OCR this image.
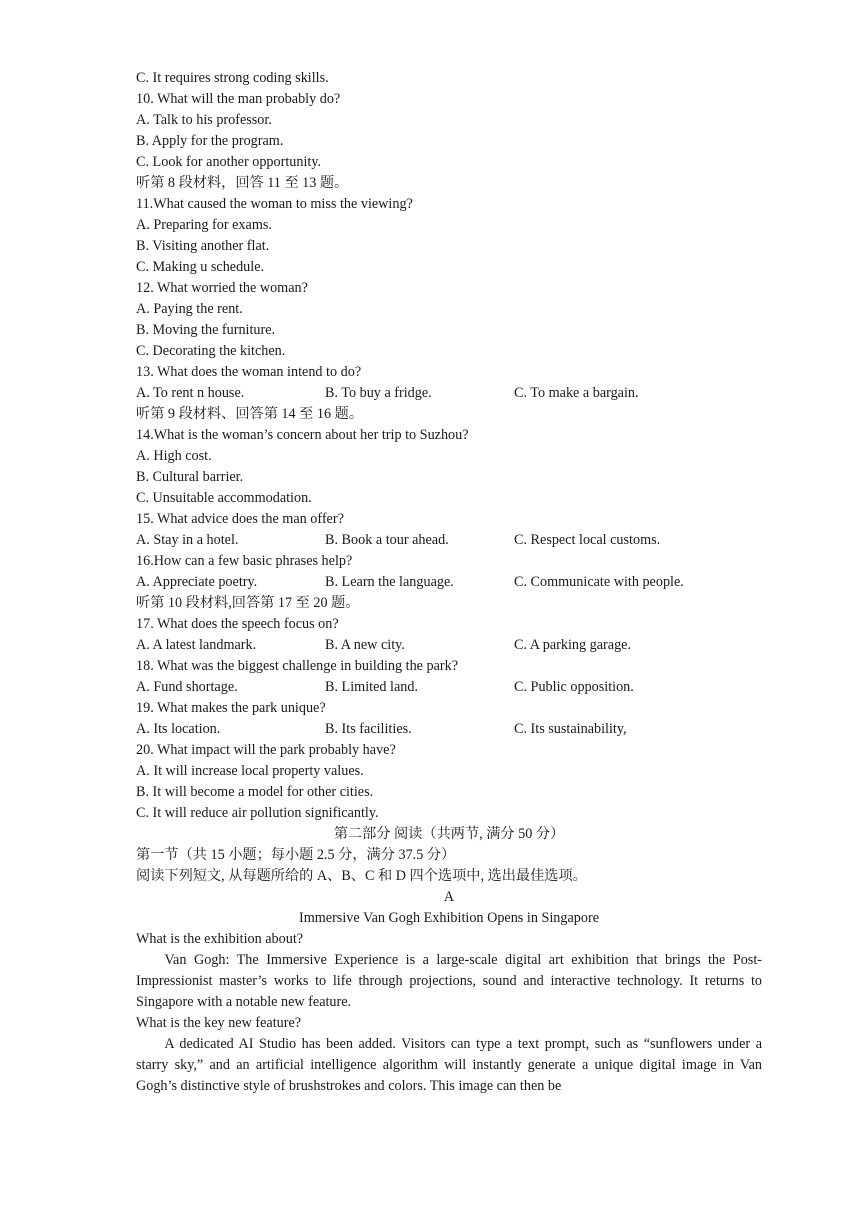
C. It requires strong coding skills.
10. What will the man probably do?
A. Talk to his professor.
B. Apply for the program.
C. Look for another opportunity.
听第 8 段材料，回答 11 至 13 题。
11.What caused the woman to miss the viewing?
A. Preparing for exams.
B. Visiting another flat.
C. Making u schedule.
12. What worried the woman?
A. Paying the rent.
B. Moving the furniture.
C. Decorating the kitchen.
13. What does the woman intend to do?
A. To rent n house.	B. To buy a fridge.	C. To make a bargain.
听第 9 段材料、回答第 14 至 16 题。
14.What is the woman’s concern about her trip to Suzhou?
A. High cost.
B. Cultural barrier.
C. Unsuitable accommodation.
15. What advice does the man offer?
A. Stay in a hotel.	B. Book a tour ahead.	C. Respect local customs.
16.How can a few basic phrases help?
A. Appreciate poetry.	B. Learn the language.	C. Communicate with people.
听第 10 段材料,回答第 17 至 20 题。
17. What does the speech focus on?
A. A latest landmark.	B. A new city.	C. A parking garage.
18. What was the biggest challenge in building the park?
A. Fund shortage.	B. Limited land.	C. Public opposition.
19. What makes the park unique?
A. Its location.	B. Its facilities.	C. Its sustainability,
20. What impact will the park probably have?
A. It will increase local property values.
B. It will become a model for other cities.
C. It will reduce air pollution significantly.
第二部分 阅读（共两节, 满分 50 分）
第一节（共 15 小题；每小题 2.5 分，满分 37.5 分）
阅读下列短文, 从每题所给的 A、B、C 和 D 四个选项中, 选出最佳选项。
A
Immersive Van Gogh Exhibition Opens in Singapore
What is the exhibition about?
Van Gogh: The Immersive Experience is a large-scale digital art exhibition that brings the Post-Impressionist master’s works to life through projections, sound and interactive technology. It returns to Singapore with a notable new feature.
What is the key new feature?
A dedicated AI Studio has been added. Visitors can type a text prompt, such as “sunflowers under a starry sky,” and an artificial intelligence algorithm will instantly generate a unique digital image in Van Gogh’s distinctive style of brushstrokes and colors. This image can then be
